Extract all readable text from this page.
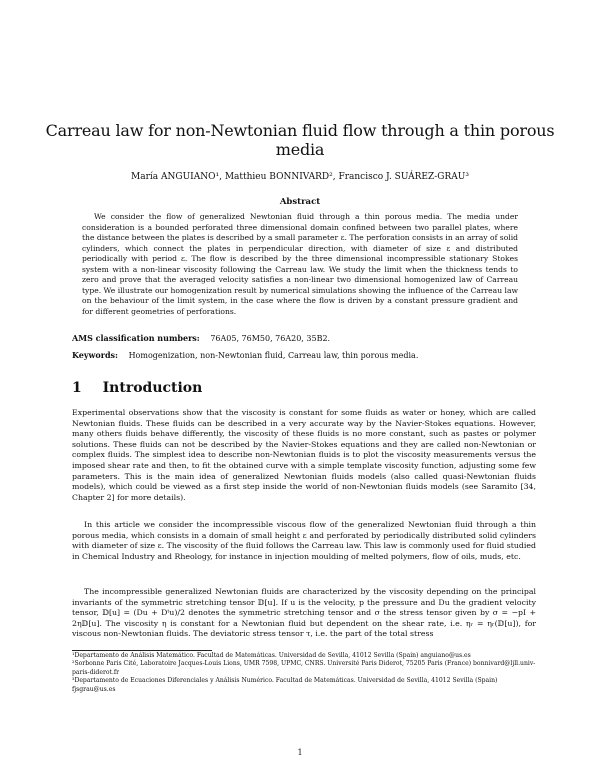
Carreau law for non-Newtonian fluid flow through a thin porous media

María ANGUIANO¹, Matthieu BONNIVARD², Francisco J. SUÁREZ-GRAU³

Abstract

We consider the flow of generalized Newtonian fluid through a thin porous media. The media under consideration is a bounded perforated three dimensional domain confined between two parallel plates, where the distance between the plates is described by a small parameter ε. The perforation consists in an array of solid cylinders, which connect the plates in perpendicular direction, with diameter of size ε and distributed periodically with period ε. The flow is described by the three dimensional incompressible stationary Stokes system with a non-linear viscosity following the Carreau law. We study the limit when the thickness tends to zero and prove that the averaged velocity satisfies a non-linear two dimensional homogenized law of Carreau type. We illustrate our homogenization result by numerical simulations showing the influence of the Carreau law on the behaviour of the limit system, in the case where the flow is driven by a constant pressure gradient and for different geometries of perforations.

AMS classification numbers: 76A05, 76M50, 76A20, 35B2.

Keywords: Homogenization, non-Newtonian fluid, Carreau law, thin porous media.

1 Introduction

Experimental observations show that the viscosity is constant for some fluids as water or honey, which are called Newtonian fluids. These fluids can be described in a very accurate way by the Navier-Stokes equations. However, many others fluids behave differently, the viscosity of these fluids is no more constant, such as pastes or polymer solutions. These fluids can not be described by the Navier-Stokes equations and they are called non-Newtonian or complex fluids. The simplest idea to describe non-Newtonian fluids is to plot the viscosity measurements versus the imposed shear rate and then, to fit the obtained curve with a simple template viscosity function, adjusting some few parameters. This is the main idea of generalized Newtonian fluids models (also called quasi-Newtonian fluids models), which could be viewed as a first step inside the world of non-Newtonian fluids models (see Saramito [34, Chapter 2] for more details).

In this article we consider the incompressible viscous flow of the generalized Newtonian fluid through a thin porous media, which consists in a domain of small height ε and perforated by periodically distributed solid cylinders with diameter of size ε. The viscosity of the fluid follows the Carreau law. This law is commonly used for fluid studied in Chemical Industry and Rheology, for instance in injection moulding of melted polymers, flow of oils, muds, etc.

The incompressible generalized Newtonian fluids are characterized by the viscosity depending on the principal invariants of the symmetric stretching tensor 𝔻[u]. If u is the velocity, p the pressure and Du the gradient velocity tensor, 𝔻[u] = (Du + Dᵗu)/2 denotes the symmetric stretching tensor and σ the stress tensor given by σ = −pI + 2η𝔻[u]. The viscosity η is constant for a Newtonian fluid but dependent on the shear rate, i.e. ηᵣ = ηᵣ(𝔻[u]), for viscous non-Newtonian fluids. The deviatoric stress tensor τ, i.e. the part of the total stress

¹Departamento de Análisis Matemático. Facultad de Matemáticas. Universidad de Sevilla, 41012 Sevilla (Spain) anguiano@us.es

²Sorbonne Paris Cité, Laboratoire Jacques-Louis Lions, UMR 7598, UPMC, CNRS. Université Paris Diderot, 75205 Paris (France) bonnivard@ljll.univ-paris-diderot.fr

³Departamento de Ecuaciones Diferenciales y Análisis Numérico. Facultad de Matemáticas. Universidad de Sevilla, 41012 Sevilla (Spain) fjsgrau@us.es

1
